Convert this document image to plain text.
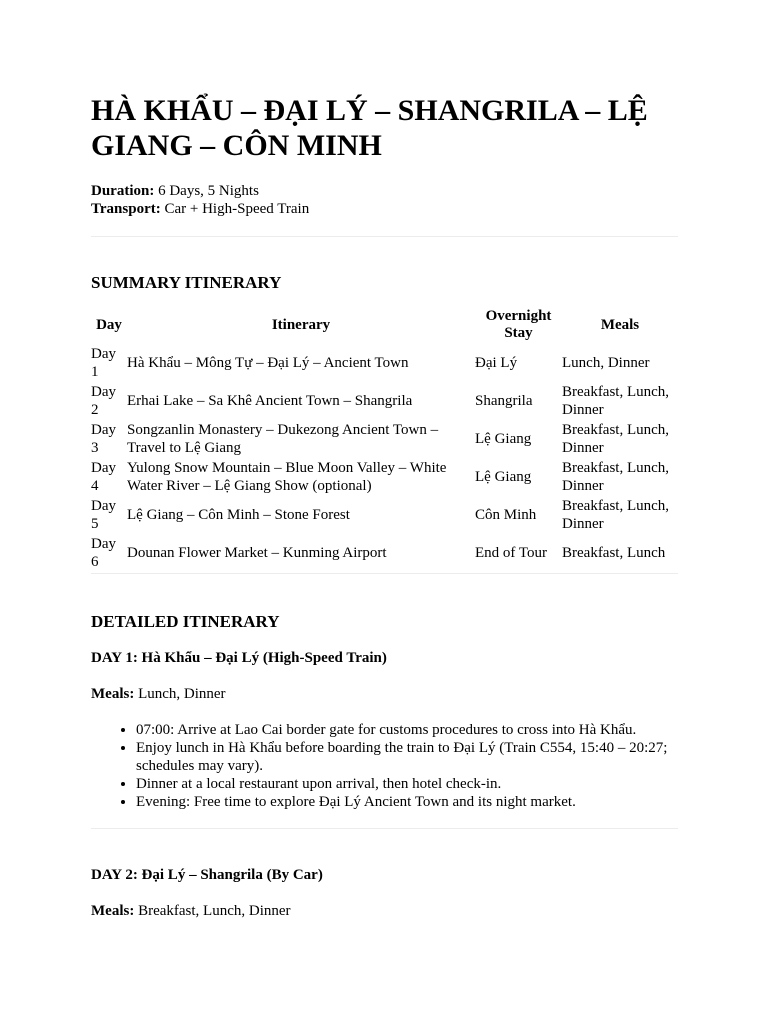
HÀ KHẨU – ĐẠI LÝ – SHANGRILA – LỆ GIANG – CÔN MINH
Duration: 6 Days, 5 Nights
Transport: Car + High-Speed Train
SUMMARY ITINERARY
Day	Itinerary	Overnight Stay	Meals
Day 1	Hà Khẩu – Mông Tự – Đại Lý – Ancient Town	Đại Lý	Lunch, Dinner
Day 2	Erhai Lake – Sa Khê Ancient Town – Shangrila	Shangrila	Breakfast, Lunch, Dinner
Day 3	Songzanlin Monastery – Dukezong Ancient Town – Travel to Lệ Giang	Lệ Giang	Breakfast, Lunch, Dinner
Day 4	Yulong Snow Mountain – Blue Moon Valley – White Water River – Lệ Giang Show (optional)	Lệ Giang	Breakfast, Lunch, Dinner
Day 5	Lệ Giang – Côn Minh – Stone Forest	Côn Minh	Breakfast, Lunch, Dinner
Day 6	Dounan Flower Market – Kunming Airport	End of Tour	Breakfast, Lunch
DETAILED ITINERARY
DAY 1: Hà Khẩu – Đại Lý (High-Speed Train)

Meals: Lunch, Dinner

• 07:00: Arrive at Lao Cai border gate for customs procedures to cross into Hà Khẩu.
• Enjoy lunch in Hà Khẩu before boarding the train to Đại Lý (Train C554, 15:40 – 20:27; schedules may vary).
• Dinner at a local restaurant upon arrival, then hotel check-in.
• Evening: Free time to explore Đại Lý Ancient Town and its night market.
DAY 2: Đại Lý – Shangrila (By Car)

Meals: Breakfast, Lunch, Dinner
